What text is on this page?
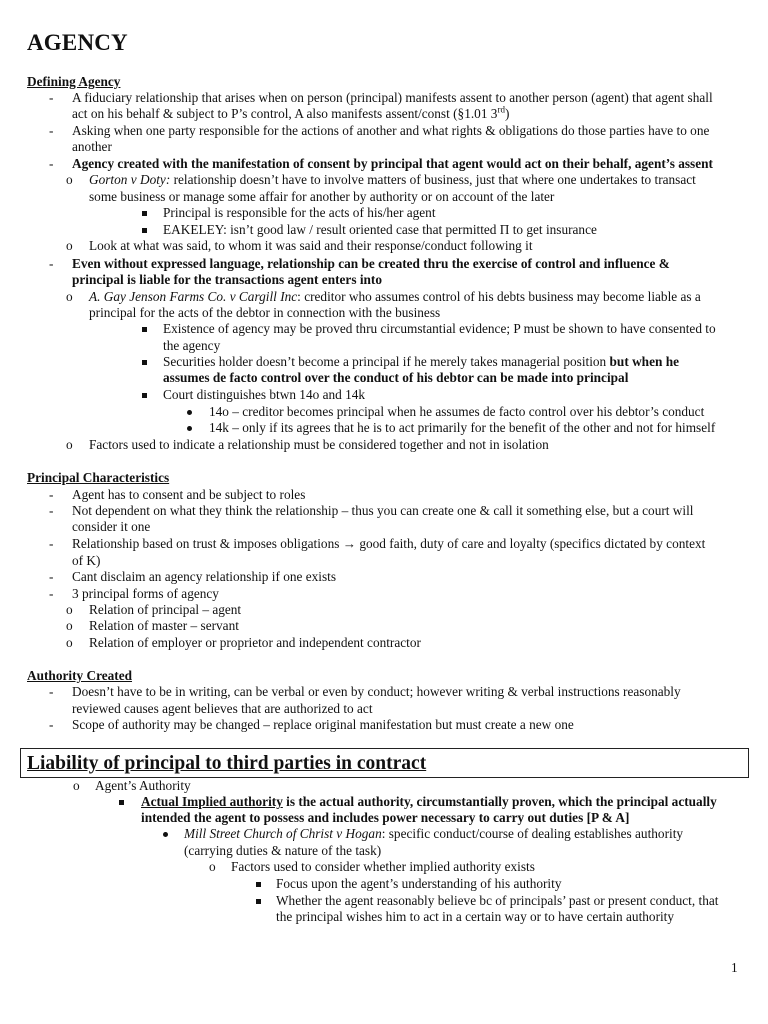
AGENCY
Defining Agency
- A fiduciary relationship that arises when on person (principal) manifests assent to another person (agent) that agent shall
act on his behalf & subject to P’s control, A also manifests assent/const (§1.01 3rd)
- Asking when one party responsible for the actions of another and what rights & obligations do those parties have to one
another
- Agency created with the manifestation of consent by principal that agent would act on their behalf, agent’s assent
o Gorton v Doty: relationship doesn’t have to involve matters of business, just that where one undertakes to transact
some business or manage some affair for another by authority or on account of the later
Principal is responsible for the acts of his/her agent
EAKELEY: isn’t good law / result oriented case that permitted Π to get insurance
o Look at what was said, to whom it was said and their response/conduct following it
- Even without expressed language, relationship can be created thru the exercise of control and influence &
principal is liable for the transactions agent enters into
o A. Gay Jenson Farms Co. v Cargill Inc: creditor who assumes control of his debts business may become liable as a
principal for the acts of the debtor in connection with the business
Existence of agency may be proved thru circumstantial evidence; P must be shown to have consented to
the agency
Securities holder doesn’t become a principal if he merely takes managerial position but when he
assumes de facto control over the conduct of his debtor can be made into principal
Court distinguishes btwn 14o and 14k
14o – creditor becomes principal when he assumes de facto control over his debtor’s conduct
14k – only if its agrees that he is to act primarily for the benefit of the other and not for himself
o Factors used to indicate a relationship must be considered together and not in isolation
Principal Characteristics
- Agent has to consent and be subject to roles
- Not dependent on what they think the relationship – thus you can create one & call it something else, but a court will
consider it one
- Relationship based on trust & imposes obligations → good faith, duty of care and loyalty (specifics dictated by context
of K)
- Cant disclaim an agency relationship if one exists
- 3 principal forms of agency
o Relation of principal – agent
o Relation of master – servant
o Relation of employer or proprietor and independent contractor
Authority Created
- Doesn’t have to be in writing, can be verbal or even by conduct; however writing & verbal instructions reasonably
reviewed causes agent believes that are authorized to act
- Scope of authority may be changed – replace original manifestation but must create a new one
Liability of principal to third parties in contract
o Agent’s Authority
Actual Implied authority is the actual authority, circumstantially proven, which the principal actually
intended the agent to possess and includes power necessary to carry out duties [P & A]
Mill Street Church of Christ v Hogan: specific conduct/course of dealing establishes authority
(carrying duties & nature of the task)
o Factors used to consider whether implied authority exists
Focus upon the agent’s understanding of his authority
Whether the agent reasonably believe bc of principals’ past or present conduct, that
the principal wishes him to act in a certain way or to have certain authority
1
